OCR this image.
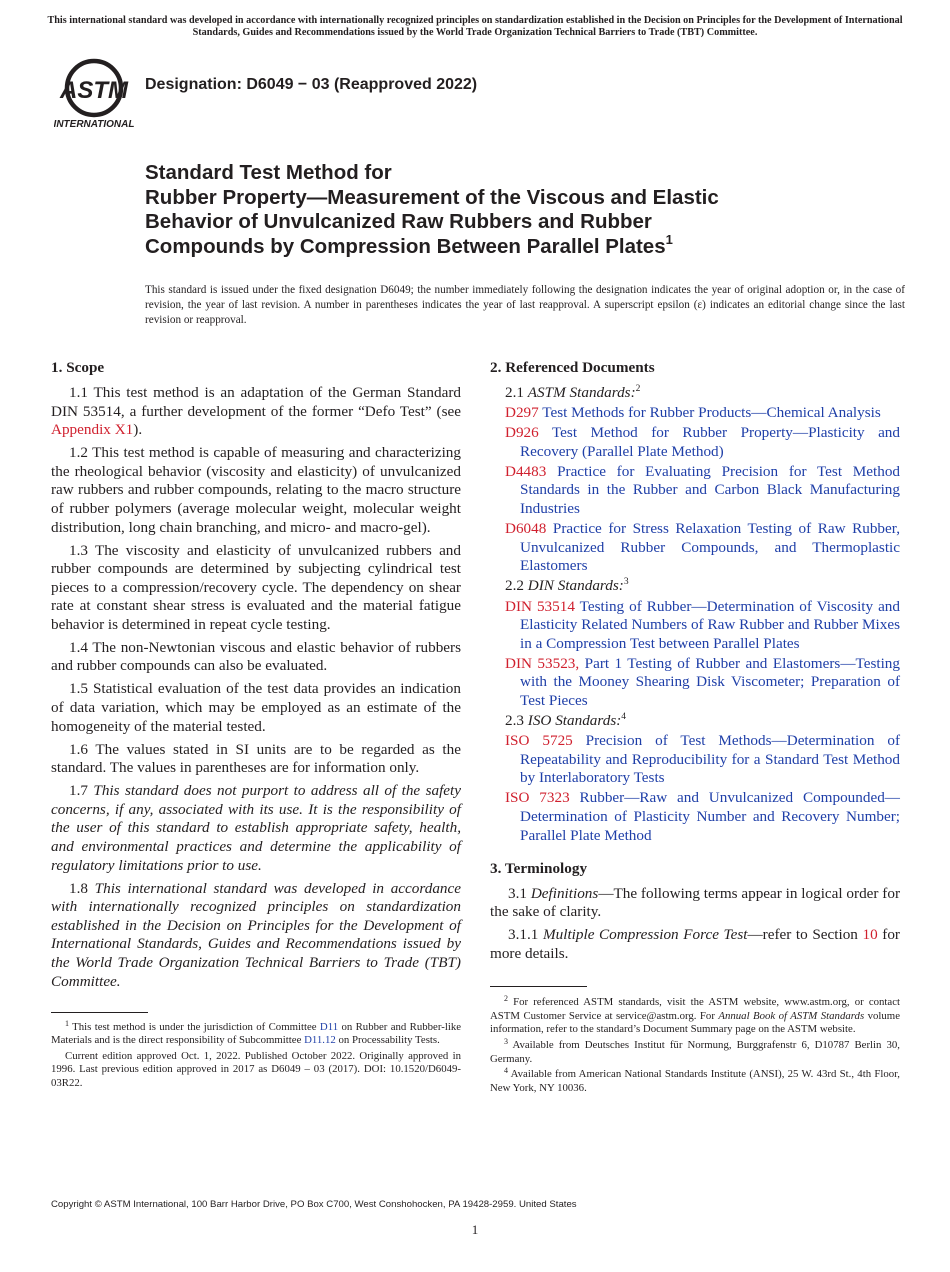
This international standard was developed in accordance with internationally recognized principles on standardization established in the Decision on Principles for the Development of International Standards, Guides and Recommendations issued by the World Trade Organization Technical Barriers to Trade (TBT) Committee.
ASTM
INTERNATIONAL
Designation: D6049 − 03 (Reapproved 2022)
Standard Test Method for
Rubber Property—Measurement of the Viscous and Elastic
Behavior of Unvulcanized Raw Rubbers and Rubber
Compounds by Compression Between Parallel Plates$^1$
This standard is issued under the fixed designation D6049; the number immediately following the designation indicates the year of original adoption or, in the case of revision, the year of last revision. A number in parentheses indicates the year of last reapproval. A superscript epsilon (ε) indicates an editorial change since the last revision or reapproval.
1. Scope

1.1 This test method is an adaptation of the German Standard DIN 53514, a further development of the former “Defo Test” (see Appendix X1).

1.2 This test method is capable of measuring and characterizing the rheological behavior (viscosity and elasticity) of unvulcanized raw rubbers and rubber compounds, relating to the macro structure of rubber polymers (average molecular weight, molecular weight distribution, long chain branching, and micro- and macro-gel).

1.3 The viscosity and elasticity of unvulcanized rubbers and rubber compounds are determined by subjecting cylindrical test pieces to a compression/recovery cycle. The dependency on shear rate at constant shear stress is evaluated and the material fatigue behavior is determined in repeat cycle testing.

1.4 The non-Newtonian viscous and elastic behavior of rubbers and rubber compounds can also be evaluated.

1.5 Statistical evaluation of the test data provides an indication of data variation, which may be employed as an estimate of the homogeneity of the material tested.

1.6 The values stated in SI units are to be regarded as the standard. The values in parentheses are for information only.

1.7 This standard does not purport to address all of the safety concerns, if any, associated with its use. It is the responsibility of the user of this standard to establish appropriate safety, health, and environmental practices and determine the applicability of regulatory limitations prior to use.

1.8 This international standard was developed in accordance with internationally recognized principles on standardization established in the Decision on Principles for the Development of International Standards, Guides and Recommendations issued by the World Trade Organization Technical Barriers to Trade (TBT) Committee.

$^1$ This test method is under the jurisdiction of Committee D11 on Rubber and Rubber-like Materials and is the direct responsibility of Subcommittee D11.12 on Processability Tests.

Current edition approved Oct. 1, 2022. Published October 2022. Originally approved in 1996. Last previous edition approved in 2017 as D6049 – 03 (2017). DOI: 10.1520/D6049-03R22.

2. Referenced Documents

2.1 ASTM Standards:$^2$

D297 Test Methods for Rubber Products—Chemical Analysis

D926 Test Method for Rubber Property—Plasticity and Recovery (Parallel Plate Method)

D4483 Practice for Evaluating Precision for Test Method Standards in the Rubber and Carbon Black Manufacturing Industries

D6048 Practice for Stress Relaxation Testing of Raw Rubber, Unvulcanized Rubber Compounds, and Thermoplastic Elastomers

2.2 DIN Standards:$^3$

DIN 53514 Testing of Rubber—Determination of Viscosity and Elasticity Related Numbers of Raw Rubber and Rubber Mixes in a Compression Test between Parallel Plates

DIN 53523, Part 1 Testing of Rubber and Elastomers—Testing with the Mooney Shearing Disk Viscometer; Preparation of Test Pieces

2.3 ISO Standards:$^4$

ISO 5725 Precision of Test Methods—Determination of Repeatability and Reproducibility for a Standard Test Method by Interlaboratory Tests

ISO 7323 Rubber—Raw and Unvulcanized Compounded—Determination of Plasticity Number and Recovery Number; Parallel Plate Method

3. Terminology

3.1 Definitions—The following terms appear in logical order for the sake of clarity.

3.1.1 Multiple Compression Force Test—refer to Section 10 for more details.

$^2$ For referenced ASTM standards, visit the ASTM website, www.astm.org, or contact ASTM Customer Service at service@astm.org. For Annual Book of ASTM Standards volume information, refer to the standard’s Document Summary page on the ASTM website.

$^3$ Available from Deutsches Institut für Normung, Burggrafenstr 6, D10787 Berlin 30, Germany.

$^4$ Available from American National Standards Institute (ANSI), 25 W. 43rd St., 4th Floor, New York, NY 10036.

Copyright © ASTM International, 100 Barr Harbor Drive, PO Box C700, West Conshohocken, PA 19428-2959. United States
1
